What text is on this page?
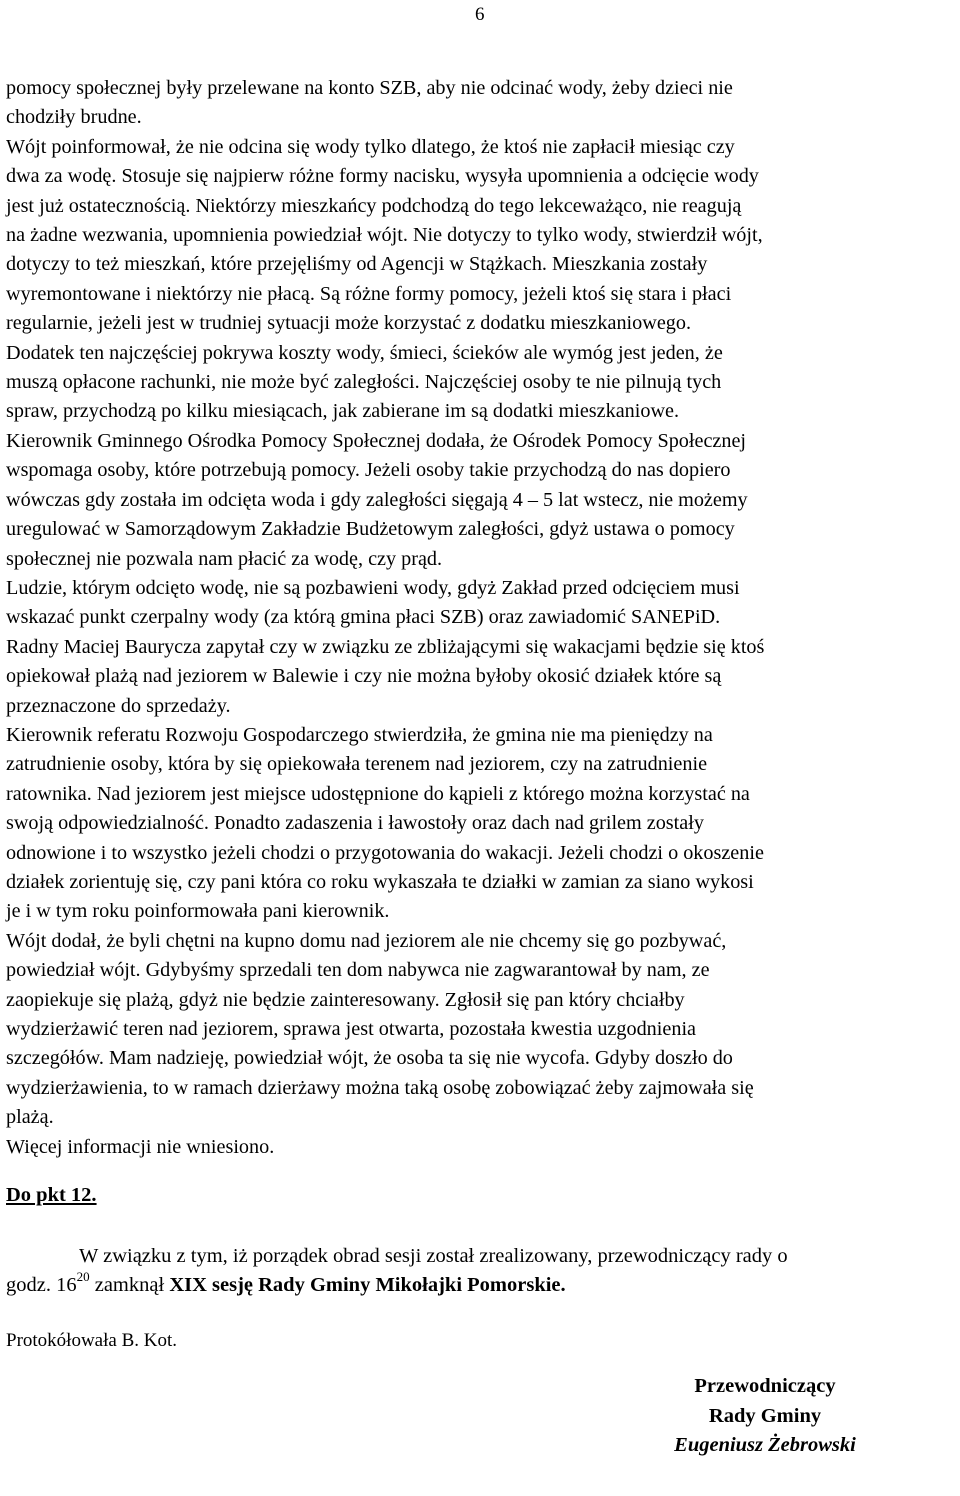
6
pomocy społecznej były przelewane na konto SZB, aby nie odcinać wody, żeby dzieci nie
chodziły brudne.
Wójt poinformował, że nie odcina się wody tylko dlatego, że ktoś nie zapłacił miesiąc czy
dwa za wodę. Stosuje się najpierw różne formy nacisku, wysyła upomnienia a odcięcie wody
jest już ostatecznością. Niektórzy mieszkańcy podchodzą do tego lekceważąco, nie reagują
na żadne wezwania, upomnienia powiedział wójt. Nie dotyczy to tylko wody, stwierdził wójt,
dotyczy to też mieszkań, które przejęliśmy od Agencji w Stążkach. Mieszkania zostały
wyremontowane i niektórzy nie płacą. Są różne formy pomocy, jeżeli ktoś się stara i płaci
regularnie, jeżeli jest w trudniej sytuacji może korzystać z dodatku mieszkaniowego.
Dodatek ten najczęściej pokrywa koszty wody, śmieci, ścieków ale wymóg jest jeden, że
muszą opłacone rachunki, nie może być zaległości. Najczęściej osoby te nie pilnują tych
spraw, przychodzą po kilku miesiącach, jak zabierane im są dodatki mieszkaniowe.
Kierownik Gminnego Ośrodka Pomocy Społecznej dodała, że Ośrodek Pomocy Społecznej
wspomaga osoby, które potrzebują pomocy. Jeżeli osoby takie przychodzą do nas dopiero
wówczas gdy została im odcięta woda i gdy zaległości sięgają 4 – 5 lat wstecz, nie możemy
uregulować w Samorządowym Zakładzie Budżetowym zaległości, gdyż ustawa o pomocy
społecznej nie pozwala nam płacić za wodę, czy prąd.
Ludzie, którym odcięto wodę, nie są pozbawieni wody, gdyż Zakład przed odcięciem musi
wskazać punkt czerpalny wody (za którą gmina płaci SZB) oraz zawiadomić SANEPiD.
Radny Maciej Baurycza zapytał czy w związku ze zbliżającymi się wakacjami będzie się ktoś
opiekował plażą nad jeziorem w Balewie i czy nie można byłoby okosić działek które są
przeznaczone do sprzedaży.
Kierownik referatu Rozwoju Gospodarczego stwierdziła, że gmina nie ma pieniędzy na
zatrudnienie osoby, która by się opiekowała terenem nad jeziorem, czy na zatrudnienie
ratownika. Nad jeziorem jest miejsce udostępnione do kąpieli z którego można korzystać na
swoją odpowiedzialność. Ponadto zadaszenia i ławostoły oraz dach nad grilem zostały
odnowione i to wszystko jeżeli chodzi o przygotowania do wakacji. Jeżeli chodzi o okoszenie
działek zorientuję się, czy pani która co roku wykaszała te działki w zamian za siano wykosi
je i w tym roku poinformowała pani kierownik.
Wójt dodał, że byli chętni na kupno domu nad jeziorem ale nie chcemy się go pozbywać,
powiedział wójt. Gdybyśmy sprzedali ten dom nabywca nie zagwarantował by nam, ze
zaopiekuje się plażą, gdyż nie będzie zainteresowany. Zgłosił się pan który chciałby
wydzierżawić teren nad jeziorem, sprawa jest otwarta, pozostała kwestia uzgodnienia
szczegółów. Mam nadzieję, powiedział wójt, że osoba ta się nie wycofa. Gdyby doszło do
wydzierżawienia, to w ramach dzierżawy można taką osobę zobowiązać żeby zajmowała się
plażą.
Więcej informacji nie wniesiono.
Do pkt 12.
W związku z tym, iż porządek obrad sesji został zrealizowany, przewodniczący rady o
godz. $16^{20}$ zamknął XIX sesję Rady Gminy Mikołajki Pomorskie.
Protokółowała B. Kot.
Przewodniczący
Rady Gminy
Eugeniusz Żebrowski
